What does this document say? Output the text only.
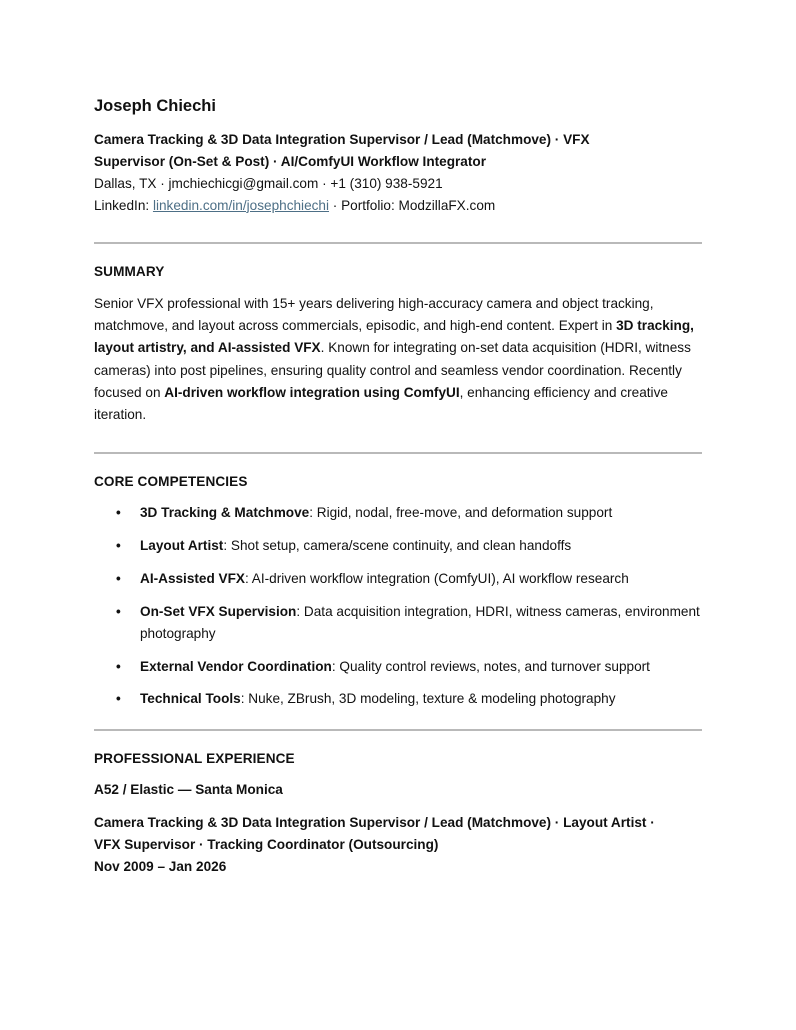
Joseph Chiechi
Camera Tracking & 3D Data Integration Supervisor / Lead (Matchmove) · VFX
Supervisor (On-Set & Post) · AI/ComfyUI Workflow Integrator
Dallas, TX · jmchiechicgi@gmail.com · +1 (310) 938-5921
LinkedIn: linkedin.com/in/josephchiechi · Portfolio: ModzillaFX.com
SUMMARY
Senior VFX professional with 15+ years delivering high-accuracy camera and object tracking, matchmove, and layout across commercials, episodic, and high-end content. Expert in 3D tracking, layout artistry, and AI-assisted VFX. Known for integrating on-set data acquisition (HDRI, witness cameras) into post pipelines, ensuring quality control and seamless vendor coordination. Recently focused on AI-driven workflow integration using ComfyUI, enhancing efficiency and creative iteration.
CORE COMPETENCIES
• 3D Tracking & Matchmove: Rigid, nodal, free-move, and deformation support
• Layout Artist: Shot setup, camera/scene continuity, and clean handoffs
• AI-Assisted VFX: AI-driven workflow integration (ComfyUI), AI workflow research
• On-Set VFX Supervision: Data acquisition integration, HDRI, witness cameras, environment photography
• External Vendor Coordination: Quality control reviews, notes, and turnover support
• Technical Tools: Nuke, ZBrush, 3D modeling, texture & modeling photography
PROFESSIONAL EXPERIENCE
A52 / Elastic — Santa Monica
Camera Tracking & 3D Data Integration Supervisor / Lead (Matchmove) · Layout Artist ·
VFX Supervisor · Tracking Coordinator (Outsourcing)
Nov 2009 – Jan 2026
